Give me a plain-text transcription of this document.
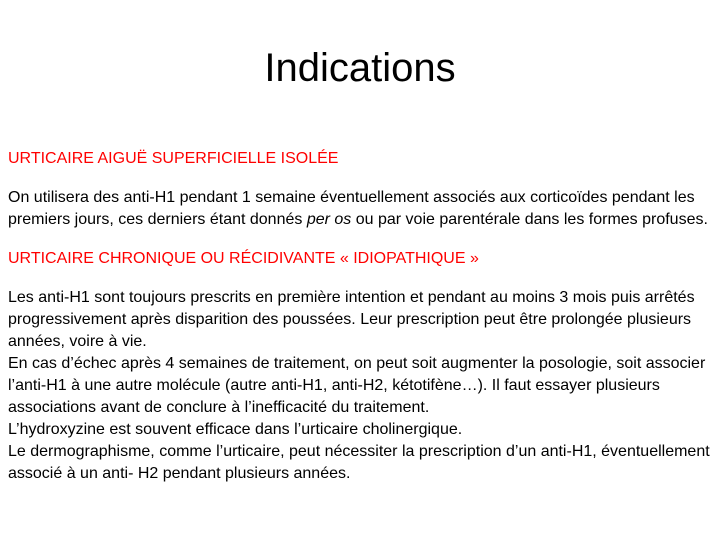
Indications

URTICAIRE AIGUË SUPERFICIELLE ISOLÉE

On utilisera des anti-H1 pendant 1 semaine éventuellement associés aux corticoïdes pendant les premiers jours, ces derniers étant donnés per os ou par voie parentérale dans les formes profuses.

URTICAIRE CHRONIQUE OU RÉCIDIVANTE « IDIOPATHIQUE »

Les anti-H1 sont toujours prescrits en première intention et pendant au moins 3 mois puis arrêtés progressivement après disparition des poussées. Leur prescription peut être prolongée plusieurs années, voire à vie.

En cas d’échec après 4 semaines de traitement, on peut soit augmenter la posologie, soit associer l’anti-H1 à une autre molécule (autre anti-H1, anti-H2, kétotifène…). Il faut essayer plusieurs associations avant de conclure à l’inefficacité du traitement.

L’hydroxyzine est souvent efficace dans l’urticaire cholinergique.

Le dermographisme, comme l’urticaire, peut nécessiter la prescription d’un anti-H1, éventuellement associé à un anti- H2 pendant plusieurs années.
